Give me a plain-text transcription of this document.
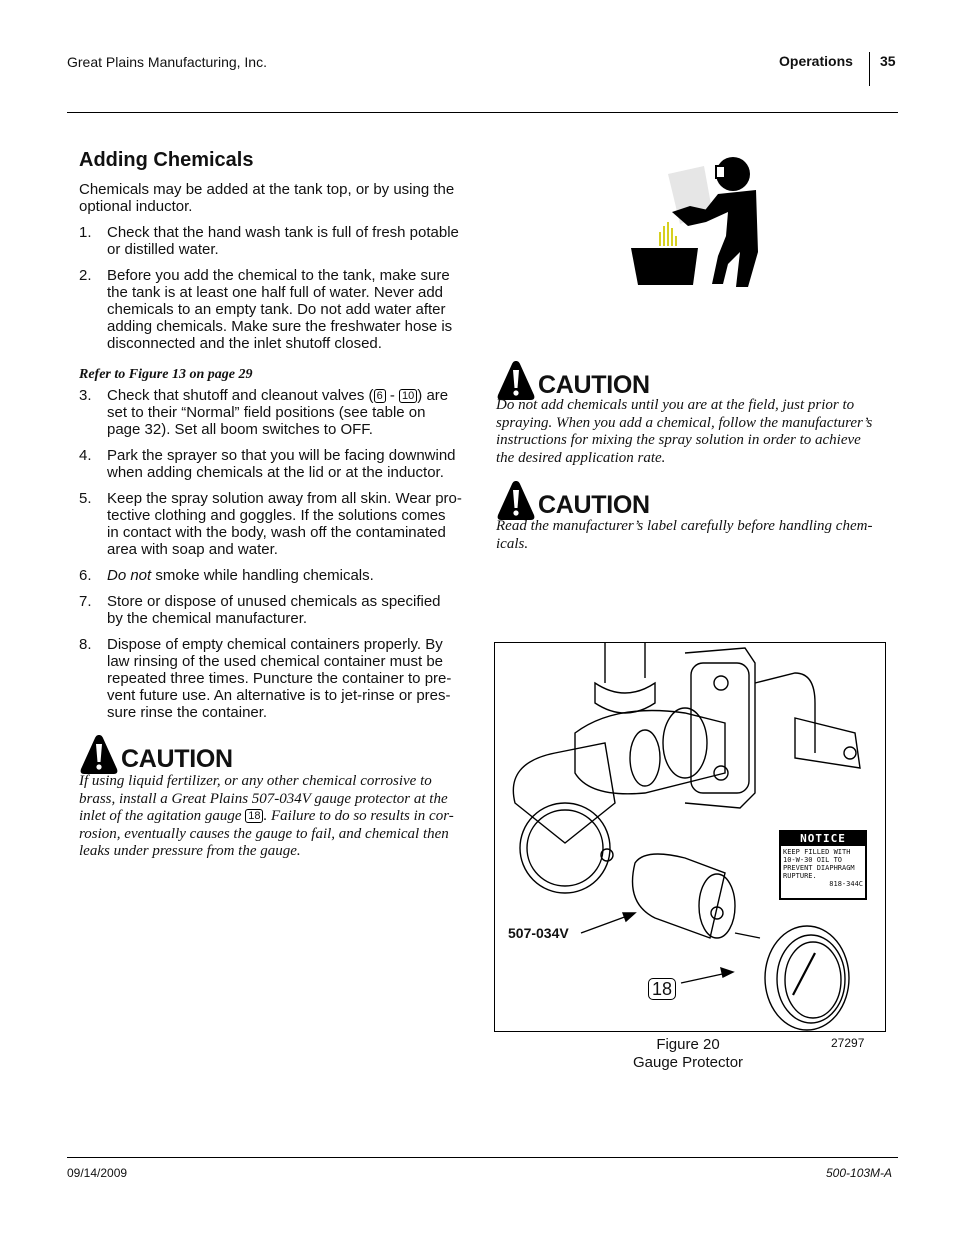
Great Plains Manufacturing, Inc.	Operations 35
Adding Chemicals
Chemicals may be added at the tank top, or by using the optional inductor.
1. Check that the hand wash tank is full of fresh potable
or distilled water.
2. Before you add the chemical to the tank, make sure
the tank is at least one half full of water. Never add
chemicals to an empty tank. Do not add water after
adding chemicals. Make sure the freshwater hose is
disconnected and the inlet shutoff closed.
Refer to Figure 13 on page 29
3. Check that shutoff and cleanout valves ( 6 - 10 ) are
set to their “Normal” field positions (see table on
page 32). Set all boom switches to OFF.
4. Park the sprayer so that you will be facing downwind
when adding chemicals at the lid or at the inductor.
5. Keep the spray solution away from all skin. Wear pro-
tective clothing and goggles. If the solutions comes
in contact with the body, wash off the contaminated
area with soap and water.
6. Do not smoke while handling chemicals.
7. Store or dispose of unused chemicals as specified
by the chemical manufacturer.
8. Dispose of empty chemical containers properly. By
law rinsing of the used chemical container must be
repeated three times. Puncture the container to pre-
vent future use. An alternative is to jet-rinse or pres-
sure rinse the container.
CAUTION
If using liquid fertilizer, or any other chemical corrosive to
brass, install a Great Plains 507-034V gauge protector at the
inlet of the agitation gauge 18 . Failure to do so results in cor-
rosion, eventually causes the gauge to fail, and chemical then
leaks under pressure from the gauge.
CAUTION
Do not add chemicals until you are at the field, just prior to
spraying. When you add a chemical, follow the manufacturer’s
instructions for mixing the spray solution in order to achieve
the desired application rate.
CAUTION
Read the manufacturer’s label carefully before handling chem-
icals.
507-034V
18
NOTICE
KEEP FILLED WITH
10-W-30 OIL TO
PREVENT DIAPHRAGM
RUPTURE.
818-344C
27297
Figure 20
Gauge Protector
09/14/2009	500-103M-A
